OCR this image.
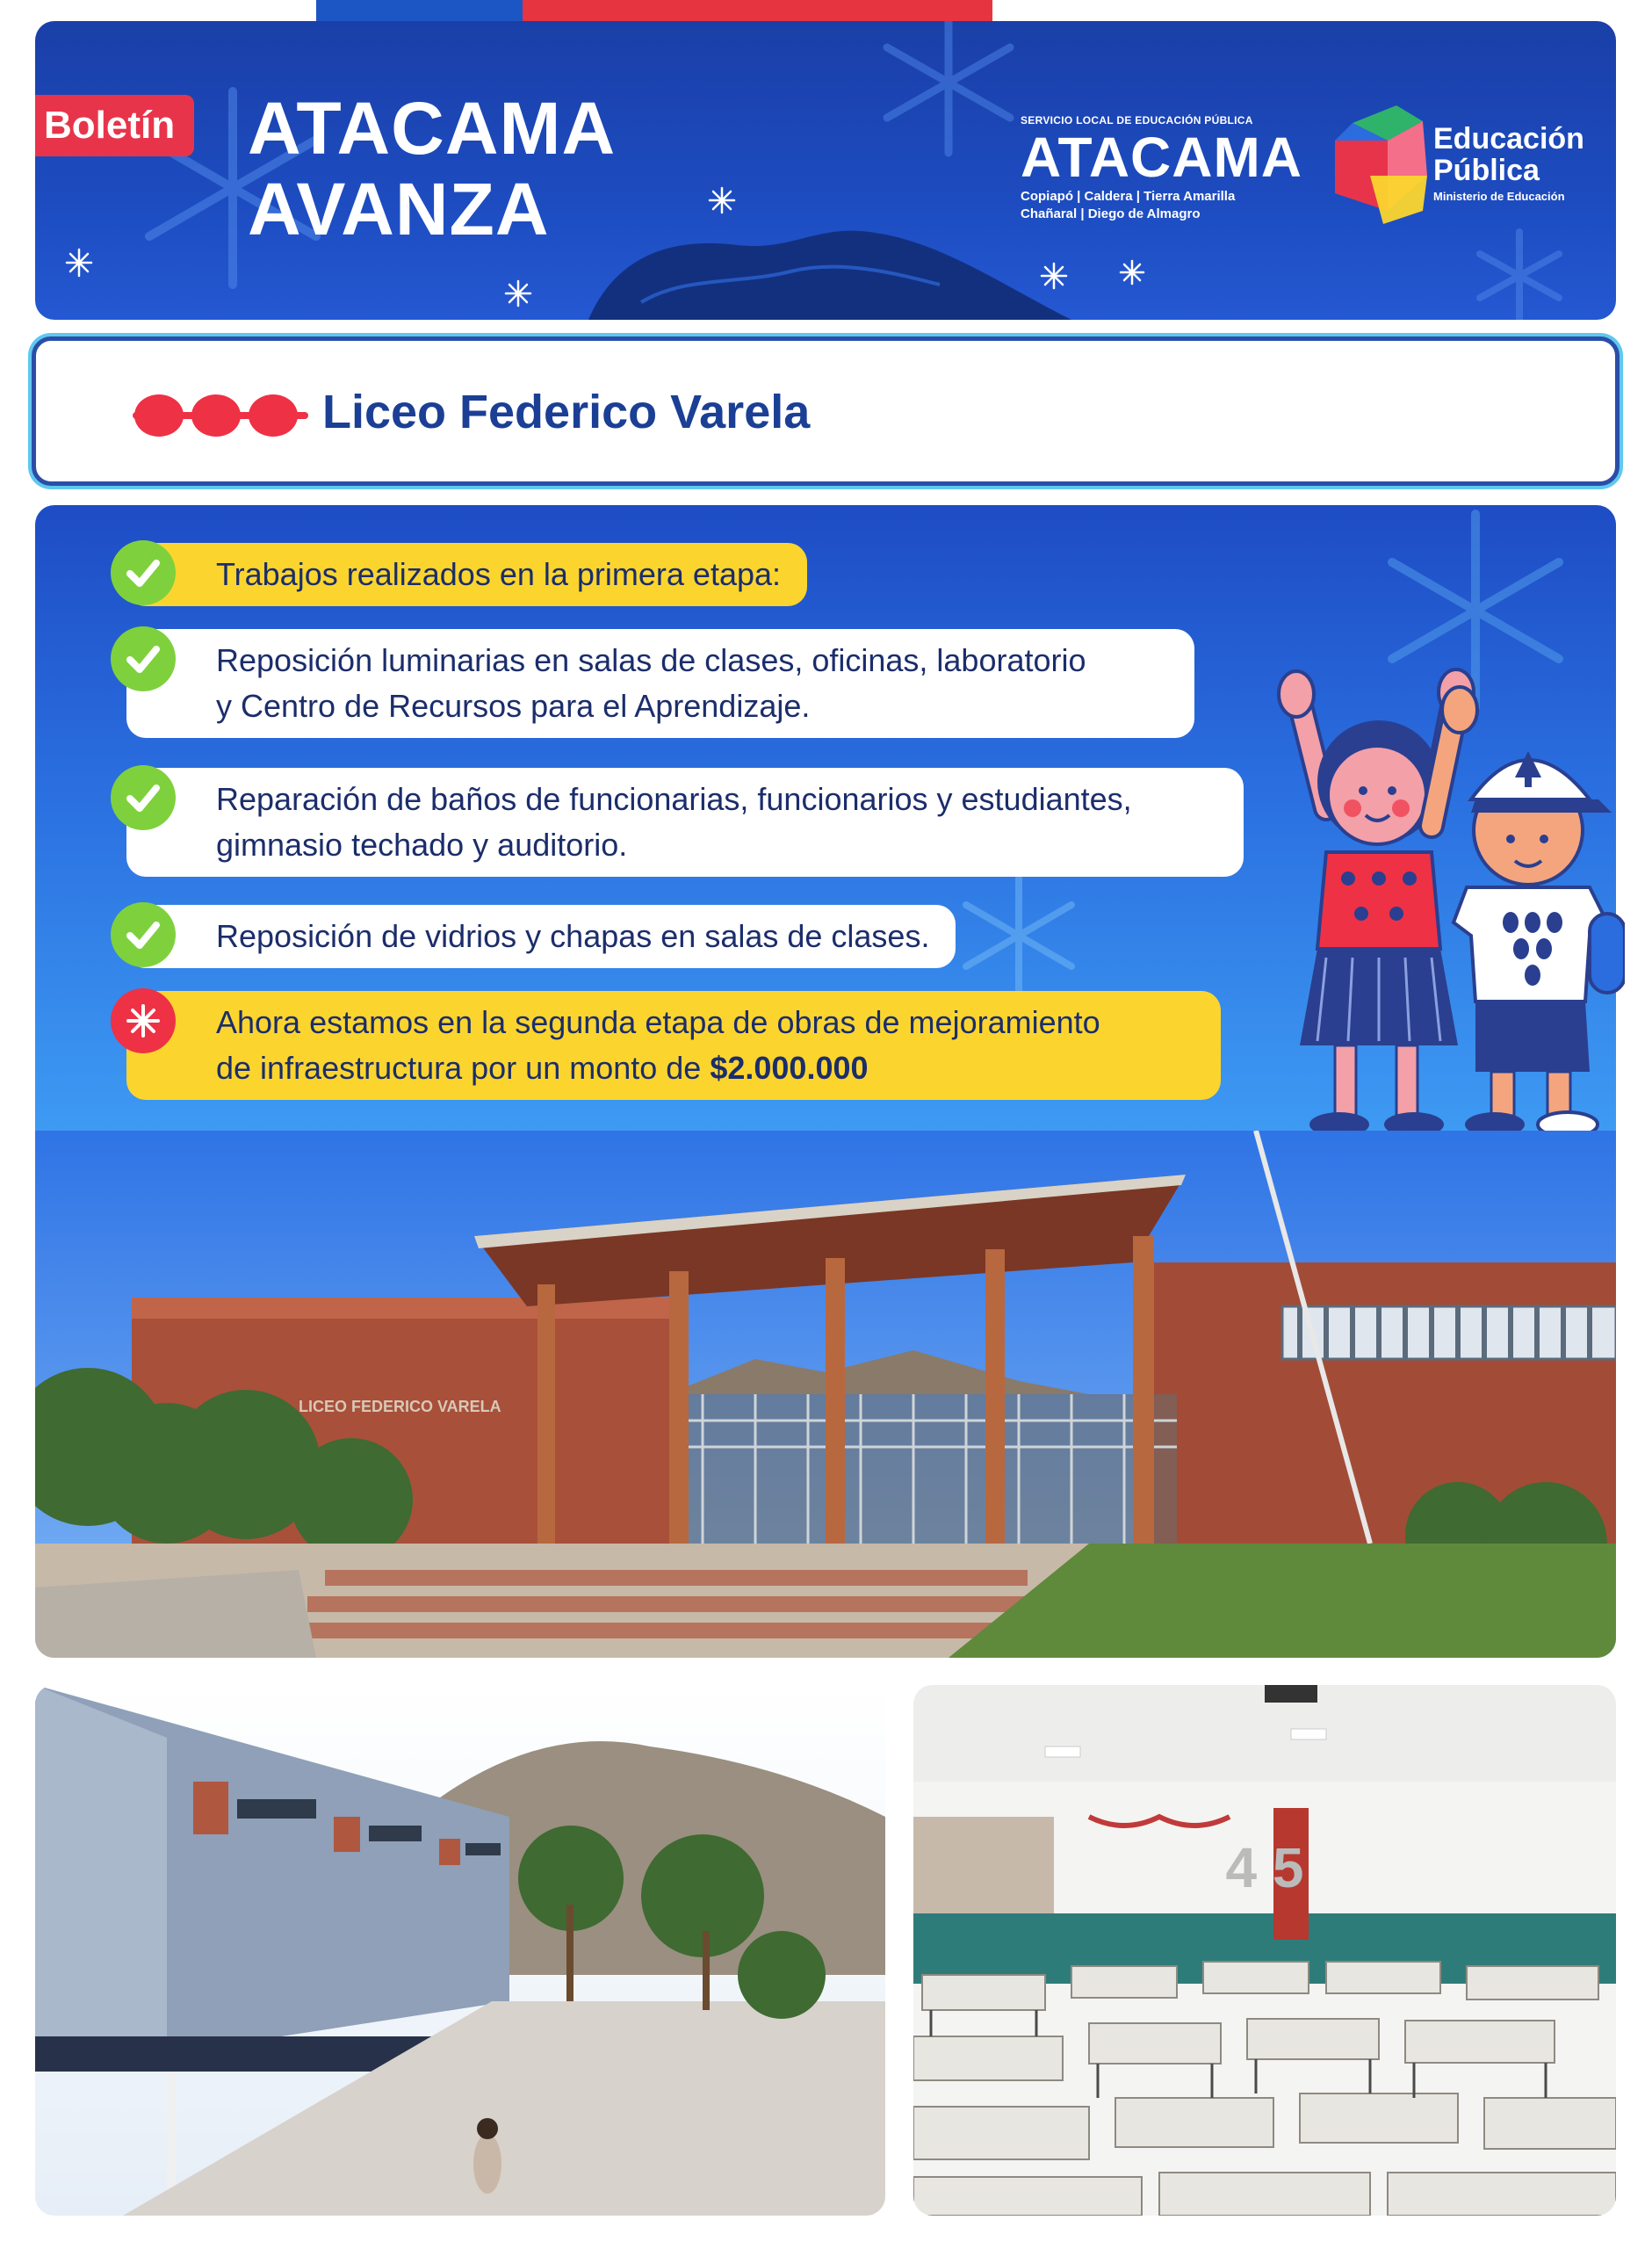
Boletín ATACAMA
AVANZA
SERVICIO LOCAL DE EDUCACIÓN PÚBLICA
ATACAMA
Copiapó | Caldera | Tierra Amarilla
Chañaral | Diego de Almagro
Educación
Pública
Ministerio de Educación
Liceo Federico Varela
Trabajos realizados en la primera etapa:
Reposición luminarias en salas de clases, oficinas, laboratorio
y Centro de Recursos para el Aprendizaje.
Reparación de baños de funcionarias, funcionarios y estudiantes,
gimnasio techado y auditorio.
Reposición de vidrios y chapas en salas de clases.
Ahora estamos en la segunda etapa de obras de mejoramiento
de infraestructura por un monto de $2.000.000
LICEO FEDERICO VARELA
4 5
